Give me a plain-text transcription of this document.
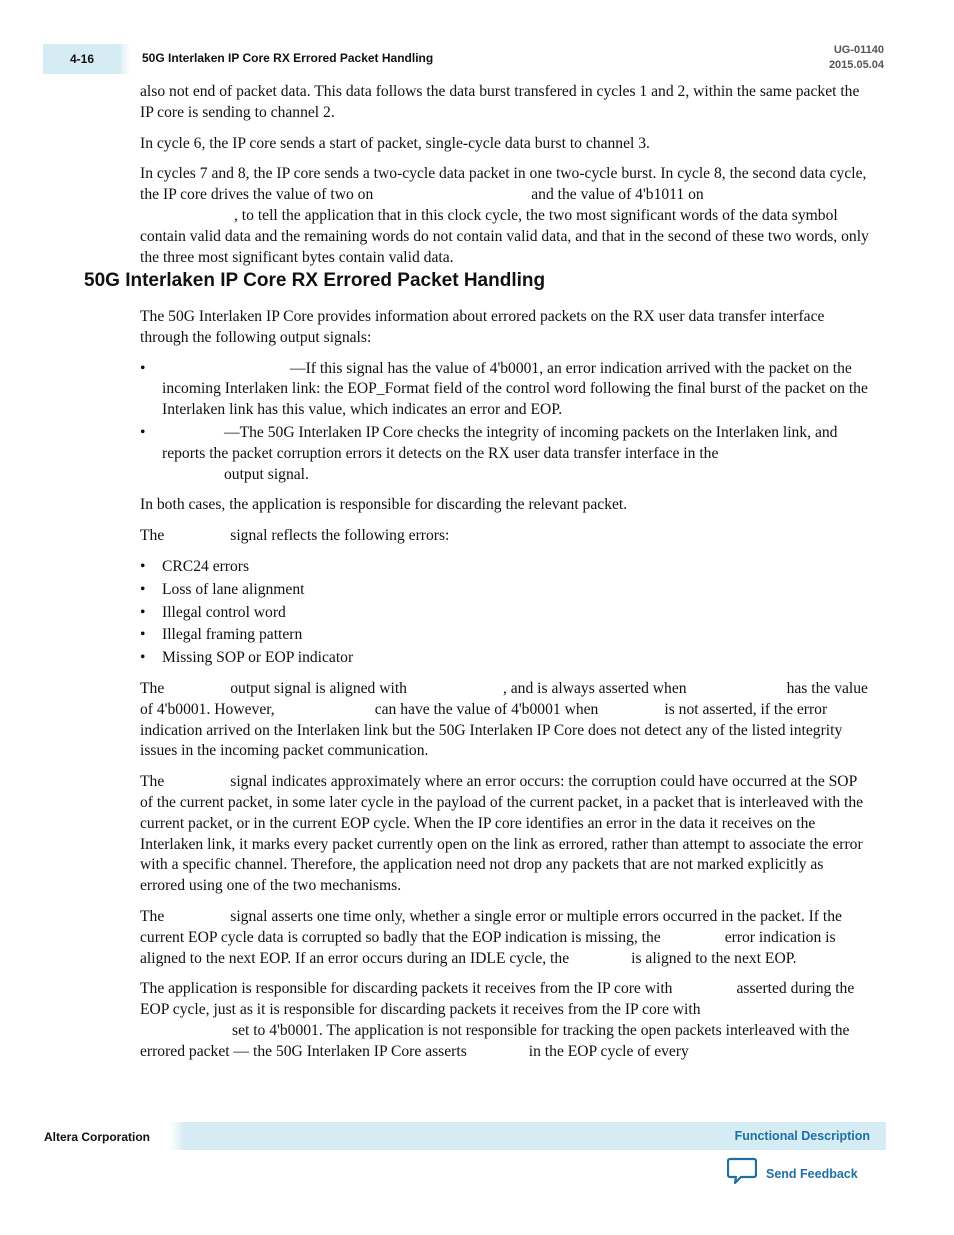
4-16	50G Interlaken IP Core RX Errored Packet Handling
UG-01140
2015.05.04

also not end of packet data. This data follows the data burst transfered in cycles 1 and 2, within the same packet the IP core is sending to channel 2.

In cycle 6, the IP core sends a start of packet, single-cycle data burst to channel 3.

In cycles 7 and 8, the IP core sends a two-cycle data packet in one two-cycle burst. In cycle 8, the second data cycle, the IP core drives the value of two on	and the value of 4'b1011 on
, to tell the application that in this clock cycle, the two most significant words of the data symbol contain valid data and the remaining words do not contain valid data, and that in the second of these two words, only the three most significant bytes contain valid data.

50G Interlaken IP Core RX Errored Packet Handling

The 50G Interlaken IP Core provides information about errored packets on the RX user data transfer interface through the following output signals:

• —If this signal has the value of 4'b0001, an error indication arrived with the packet on the incoming Interlaken link: the EOP_Format field of the control word following the final burst of the packet on the Interlaken link has this value, which indicates an error and EOP.
• —The 50G Interlaken IP Core checks the integrity of incoming packets on the Interlaken link, and reports the packet corruption errors it detects on the RX user data transfer interface in the
output signal.

In both cases, the application is responsible for discarding the relevant packet.

The	signal reflects the following errors:

• CRC24 errors
• Loss of lane alignment
• Illegal control word
• Illegal framing pattern
• Missing SOP or EOP indicator

The	output signal is aligned with	, and is always asserted when	has the value of 4'b0001. However,	can have the value of 4'b0001 when	is not asserted, if the error indication arrived on the Interlaken link but the 50G Interlaken IP Core does not detect any of the listed integrity issues in the incoming packet communication.

The	signal indicates approximately where an error occurs: the corruption could have occurred at the SOP of the current packet, in some later cycle in the payload of the current packet, in a packet that is interleaved with the current packet, or in the current EOP cycle. When the IP core identifies an error in the data it receives on the Interlaken link, it marks every packet currently open on the link as errored, rather than attempt to associate the error with a specific channel. Therefore, the application need not drop any packets that are not marked explicitly as errored using one of the two mechanisms.

The	signal asserts one time only, whether a single error or multiple errors occurred in the packet. If the current EOP cycle data is corrupted so badly that the EOP indication is missing, the	error indication is aligned to the next EOP. If an error occurs during an IDLE cycle, the	is aligned to the next EOP.

The application is responsible for discarding packets it receives from the IP core with	asserted during the EOP cycle, just as it is responsible for discarding packets it receives from the IP core with
set to 4'b0001. The application is not responsible for tracking the open packets interleaved with the errored packet — the 50G Interlaken IP Core asserts	in the EOP cycle of every

Altera Corporation	Functional Description
Send Feedback
